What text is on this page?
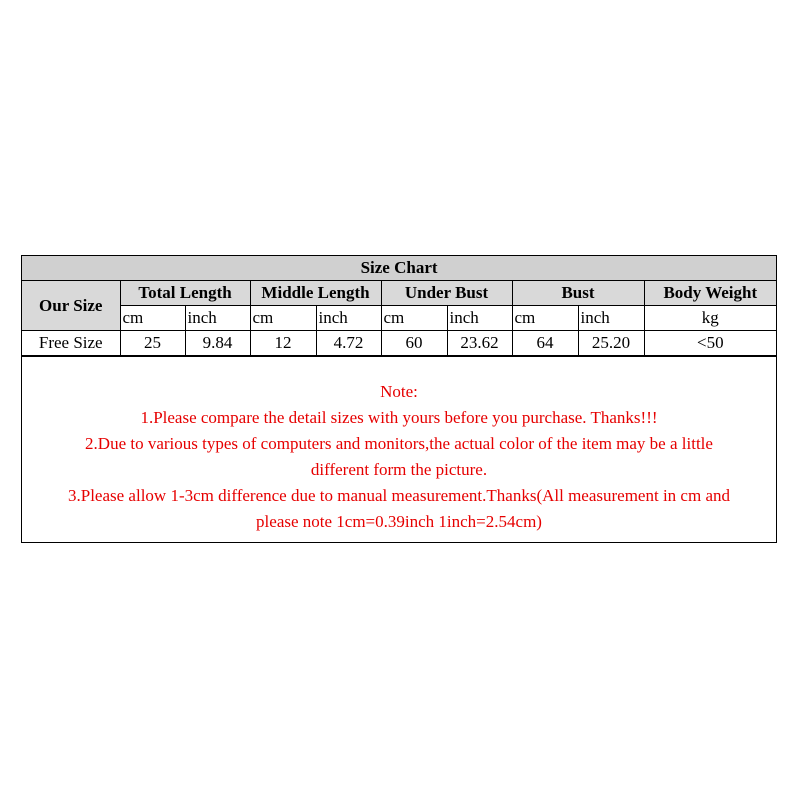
Size Chart									
Our Size	Total Length		Middle Length		Under Bust		Bust		Body Weight
	cm	inch	cm	inch	cm	inch	cm	inch	kg
Free Size	25	9.84	12	4.72	60	23.62	64	25.20	<50
Note:
1.Please compare the detail sizes with yours before you purchase. Thanks!!!
2.Due to various types of computers and monitors,the actual color of the item may be a little
different form the picture.
3.Please allow 1-3cm difference due to manual measurement.Thanks(All measurement in cm and
please note 1cm=0.39inch 1inch=2.54cm)
